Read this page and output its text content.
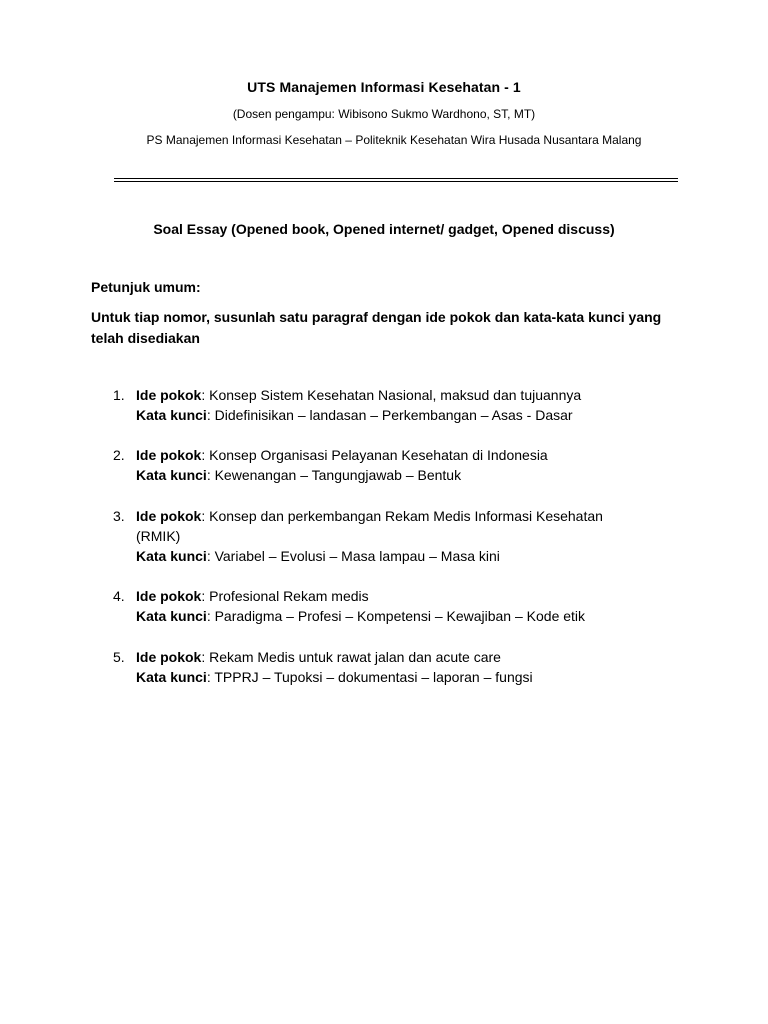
UTS Manajemen Informasi Kesehatan - 1
(Dosen pengampu: Wibisono Sukmo Wardhono, ST, MT)
PS Manajemen Informasi Kesehatan – Politeknik Kesehatan Wira Husada Nusantara Malang
Soal Essay (Opened book, Opened internet/ gadget, Opened discuss)
Petunjuk umum:
Untuk tiap nomor, susunlah satu paragraf dengan ide pokok dan kata-kata kunci yang telah disediakan
1. Ide pokok: Konsep Sistem Kesehatan Nasional, maksud dan tujuannya
Kata kunci: Didefinisikan – landasan – Perkembangan – Asas - Dasar
2. Ide pokok: Konsep Organisasi Pelayanan Kesehatan di Indonesia
Kata kunci: Kewenangan – Tangungjawab – Bentuk
3. Ide pokok: Konsep dan perkembangan Rekam Medis Informasi Kesehatan
(RMIK)
Kata kunci: Variabel – Evolusi – Masa lampau – Masa kini
4. Ide pokok: Profesional Rekam medis
Kata kunci: Paradigma – Profesi – Kompetensi – Kewajiban – Kode etik
5. Ide pokok: Rekam Medis untuk rawat jalan dan acute care
Kata kunci: TPPRJ – Tupoksi – dokumentasi – laporan – fungsi
